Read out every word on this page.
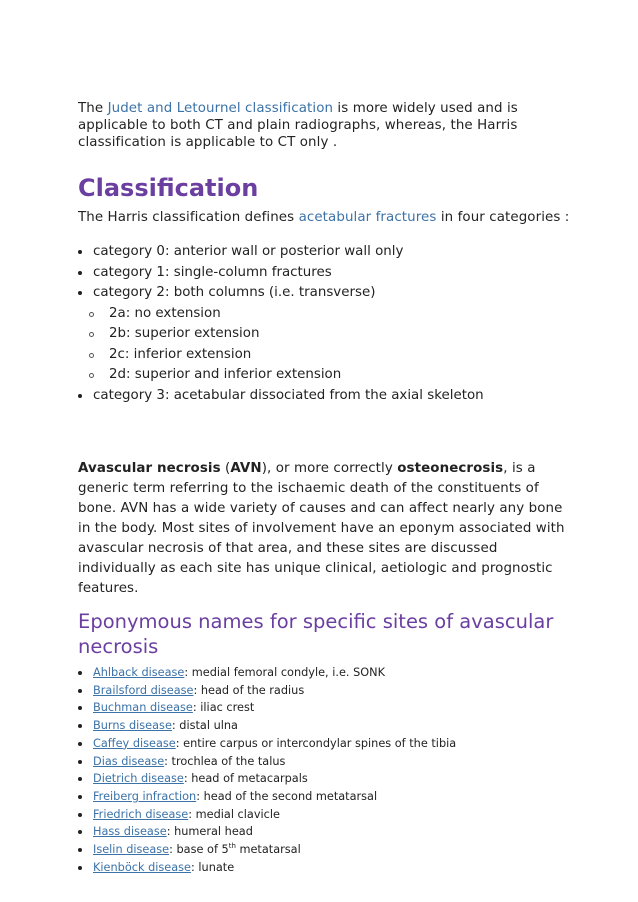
The Judet and Letournel classification is more widely used and is applicable to both CT and plain radiographs, whereas, the Harris classification is applicable to CT only .

Classification

The Harris classification defines acetabular fractures in four categories :

category 0: anterior wall or posterior wall only
category 1: single-column fractures
category 2: both columns (i.e. transverse)
2a: no extension
2b: superior extension
2c: inferior extension
2d: superior and inferior extension
category 3: acetabular dissociated from the axial skeleton

Avascular necrosis (AVN), or more correctly osteonecrosis, is a generic term referring to the ischaemic death of the constituents of bone. AVN has a wide variety of causes and can affect nearly any bone in the body. Most sites of involvement have an eponym associated with avascular necrosis of that area, and these sites are discussed individually as each site has unique clinical, aetiologic and prognostic features.

Eponymous names for specific sites of avascular necrosis
Ahlback disease: medial femoral condyle, i.e. SONK
Brailsford disease: head of the radius
Buchman disease: iliac crest
Burns disease: distal ulna
Caffey disease: entire carpus or intercondylar spines of the tibia
Dias disease: trochlea of the talus
Dietrich disease: head of metacarpals
Freiberg infraction: head of the second metatarsal
Friedrich disease: medial clavicle
Hass disease: humeral head
Iselin disease: base of 5th metatarsal
Kienböck disease: lunate
